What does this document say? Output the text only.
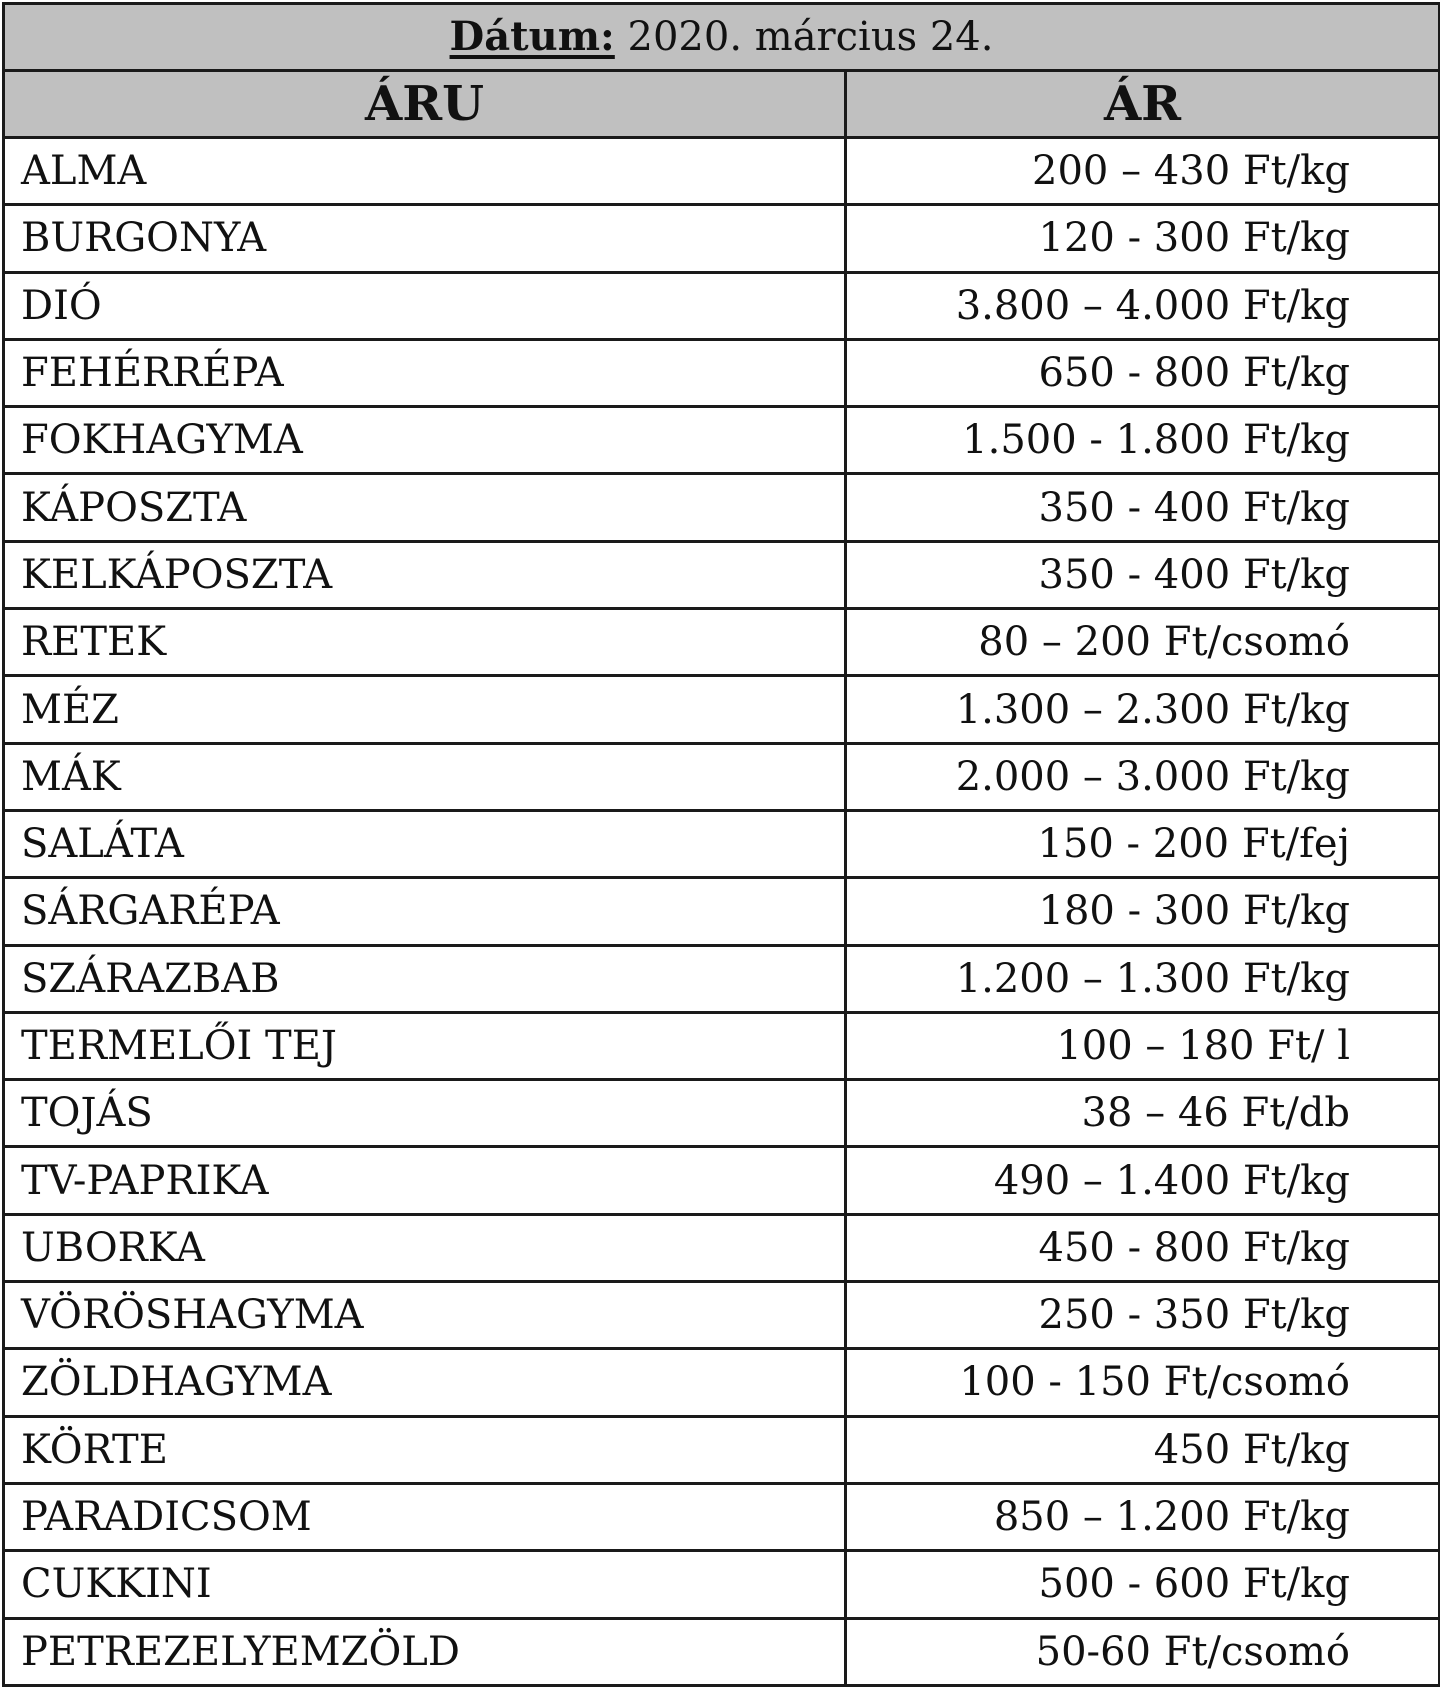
Dátum: 2020. március 24.	
ÁRU	ÁR
ALMA	200 – 430 Ft/kg
BURGONYA	120 - 300 Ft/kg
DIÓ	3.800 – 4.000 Ft/kg
FEHÉRRÉPA	650 - 800 Ft/kg
FOKHAGYMA	1.500 - 1.800 Ft/kg
KÁPOSZTA	350 - 400 Ft/kg
KELKÁPOSZTA	350 - 400 Ft/kg
RETEK	80 – 200 Ft/csomó
MÉZ	1.300 – 2.300 Ft/kg
MÁK	2.000 – 3.000 Ft/kg
SALÁTA	150 - 200 Ft/fej
SÁRGARÉPA	180 - 300 Ft/kg
SZÁRAZBAB	1.200 – 1.300 Ft/kg
TERMELŐI TEJ	100 – 180 Ft/ l
TOJÁS	38 – 46 Ft/db
TV-PAPRIKA	490 – 1.400 Ft/kg
UBORKA	450 - 800 Ft/kg
VÖRÖSHAGYMA	250 - 350 Ft/kg
ZÖLDHAGYMA	100 - 150 Ft/csomó
KÖRTE	450 Ft/kg
PARADICSOM	850 – 1.200 Ft/kg
CUKKINI	500 - 600 Ft/kg
PETREZELYEMZÖLD	50-60 Ft/csomó
